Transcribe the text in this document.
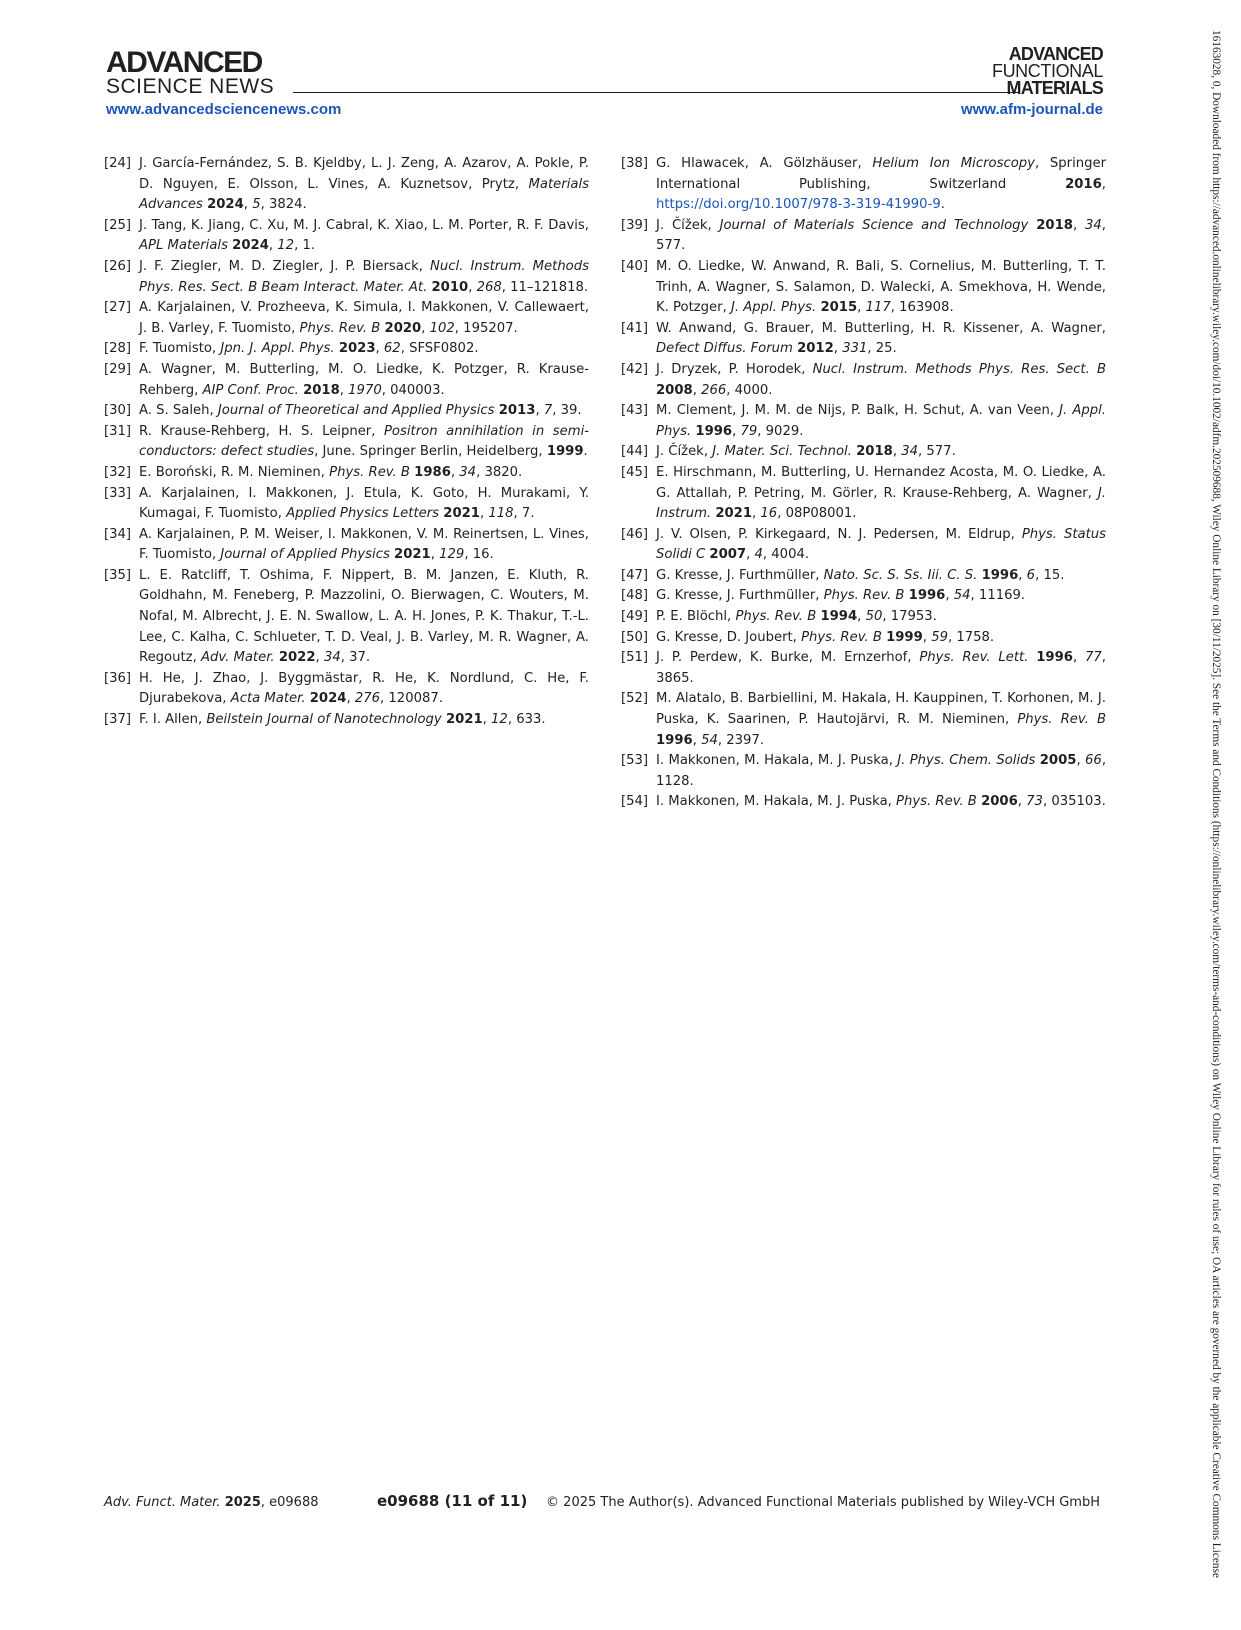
ADVANCED
SCIENCE NEWS
ADVANCED
FUNCTIONAL
MATERIALS
www.advancedsciencenews.com	www.afm-journal.de
[24] J. García-Fernández, S. B. Kjeldby, L. J. Zeng, A. Azarov, A. Pokle, P. D. Nguyen, E. Olsson, L. Vines, A. Kuznetsov, Prytz, Materials Advances 2024, 5, 3824.
[25] J. Tang, K. Jiang, C. Xu, M. J. Cabral, K. Xiao, L. M. Porter, R. F. Davis, APL Materials 2024, 12, 1.
[26] J. F. Ziegler, M. D. Ziegler, J. P. Biersack, Nucl. Instrum. Methods Phys. Res. Sect. B Beam Interact. Mater. At. 2010, 268, 11–121818.
[27] A. Karjalainen, V. Prozheeva, K. Simula, I. Makkonen, V. Callewaert, J. B. Varley, F. Tuomisto, Phys. Rev. B 2020, 102, 195207.
[28] F. Tuomisto, Jpn. J. Appl. Phys. 2023, 62, SFSF0802.
[29] A. Wagner, M. Butterling, M. O. Liedke, K. Potzger, R. Krause-Rehberg, AIP Conf. Proc. 2018, 1970, 040003.
[30] A. S. Saleh, Journal of Theoretical and Applied Physics 2013, 7, 39.
[31] R. Krause-Rehberg, H. S. Leipner, Positron annihilation in semi-conductors: defect studies, June. Springer Berlin, Heidelberg, 1999.
[32] E. Boroński, R. M. Nieminen, Phys. Rev. B 1986, 34, 3820.
[33] A. Karjalainen, I. Makkonen, J. Etula, K. Goto, H. Murakami, Y. Kumagai, F. Tuomisto, Applied Physics Letters 2021, 118, 7.
[34] A. Karjalainen, P. M. Weiser, I. Makkonen, V. M. Reinertsen, L. Vines, F. Tuomisto, Journal of Applied Physics 2021, 129, 16.
[35] L. E. Ratcliff, T. Oshima, F. Nippert, B. M. Janzen, E. Kluth, R. Goldhahn, M. Feneberg, P. Mazzolini, O. Bierwagen, C. Wouters, M. Nofal, M. Albrecht, J. E. N. Swallow, L. A. H. Jones, P. K. Thakur, T.-L. Lee, C. Kalha, C. Schlueter, T. D. Veal, J. B. Varley, M. R. Wagner, A. Regoutz, Adv. Mater. 2022, 34, 37.
[36] H. He, J. Zhao, J. Byggmästar, R. He, K. Nordlund, C. He, F. Djurabekova, Acta Mater. 2024, 276, 120087.
[37] F. I. Allen, Beilstein Journal of Nanotechnology 2021, 12, 633.
[38] G. Hlawacek, A. Gölzhäuser, Helium Ion Microscopy, Springer International Publishing, Switzerland 2016, https://doi.org/10.1007/978-3-319-41990-9.
[39] J. Čížek, Journal of Materials Science and Technology 2018, 34, 577.
[40] M. O. Liedke, W. Anwand, R. Bali, S. Cornelius, M. Butterling, T. T. Trinh, A. Wagner, S. Salamon, D. Walecki, A. Smekhova, H. Wende, K. Potzger, J. Appl. Phys. 2015, 117, 163908.
[41] W. Anwand, G. Brauer, M. Butterling, H. R. Kissener, A. Wagner, Defect Diffus. Forum 2012, 331, 25.
[42] J. Dryzek, P. Horodek, Nucl. Instrum. Methods Phys. Res. Sect. B 2008, 266, 4000.
[43] M. Clement, J. M. M. de Nijs, P. Balk, H. Schut, A. van Veen, J. Appl. Phys. 1996, 79, 9029.
[44] J. Čížek, J. Mater. Sci. Technol. 2018, 34, 577.
[45] E. Hirschmann, M. Butterling, U. Hernandez Acosta, M. O. Liedke, A. G. Attallah, P. Petring, M. Görler, R. Krause-Rehberg, A. Wagner, J. Instrum. 2021, 16, 08P08001.
[46] J. V. Olsen, P. Kirkegaard, N. J. Pedersen, M. Eldrup, Phys. Status Solidi C 2007, 4, 4004.
[47] G. Kresse, J. Furthmüller, Nato. Sc. S. Ss. Iii. C. S. 1996, 6, 15.
[48] G. Kresse, J. Furthmüller, Phys. Rev. B 1996, 54, 11169.
[49] P. E. Blöchl, Phys. Rev. B 1994, 50, 17953.
[50] G. Kresse, D. Joubert, Phys. Rev. B 1999, 59, 1758.
[51] J. P. Perdew, K. Burke, M. Ernzerhof, Phys. Rev. Lett. 1996, 77, 3865.
[52] M. Alatalo, B. Barbiellini, M. Hakala, H. Kauppinen, T. Korhonen, M. J. Puska, K. Saarinen, P. Hautojärvi, R. M. Nieminen, Phys. Rev. B 1996, 54, 2397.
[53] I. Makkonen, M. Hakala, M. J. Puska, J. Phys. Chem. Solids 2005, 66, 1128.
[54] I. Makkonen, M. Hakala, M. J. Puska, Phys. Rev. B 2006, 73, 035103.
Adv. Funct. Mater. 2025, e09688	e09688 (11 of 11) © 2025 The Author(s). Advanced Functional Materials published by Wiley-VCH GmbH	16163028, 0, Downloaded from https://advanced.onlinelibrary.wiley.com/doi/10.1002/adfm.202509688, Wiley Online Library on [30/11/2025]. See the Terms and Conditions (https://onlinelibrary.wiley.com/terms-and-conditions) on Wiley Online Library for rules of use; OA articles are governed by the applicable Creative Commons License
